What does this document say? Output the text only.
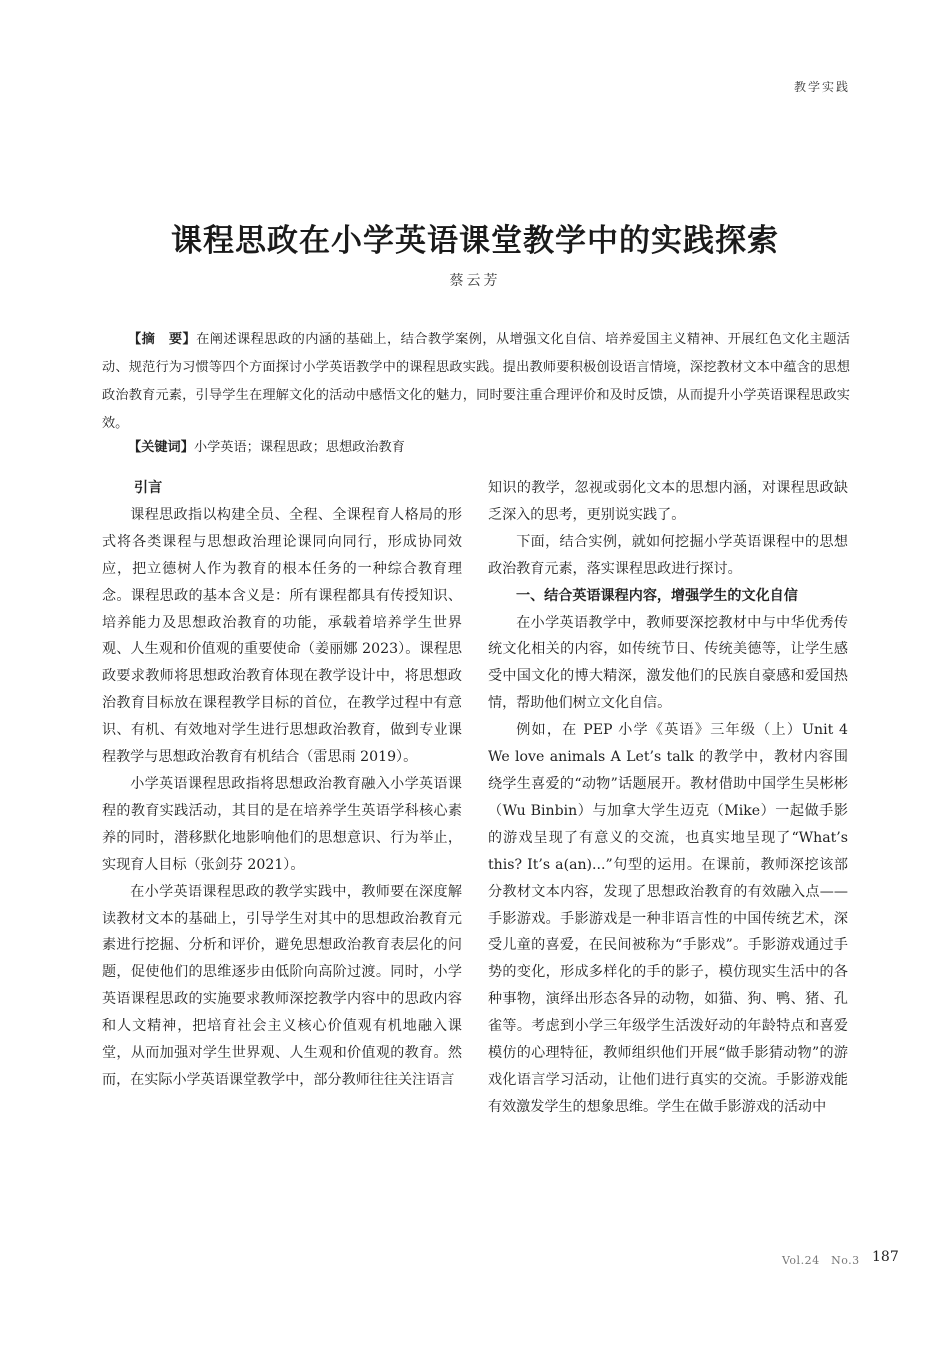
教学实践
课程思政在小学英语课堂教学中的实践探索
蔡云芳

【摘　要】在阐述课程思政的内涵的基础上，结合教学案例，从增强文化自信、培养爱国主义精神、开展红色文化主题活动、规范行为习惯等四个方面探讨小学英语教学中的课程思政实践。提出教师要积极创设语言情境，深挖教材文本中蕴含的思想政治教育元素，引导学生在理解文化的活动中感悟文化的魅力，同时要注重合理评价和及时反馈，从而提升小学英语课程思政实效。

【关键词】小学英语；课程思政；思想政治教育
引言

课程思政指以构建全员、全程、全课程育人格局的形式将各类课程与思想政治理论课同向同行，形成协同效应，把立德树人作为教育的根本任务的一种综合教育理念。课程思政的基本含义是：所有课程都具有传授知识、培养能力及思想政治教育的功能，承载着培养学生世界观、人生观和价值观的重要使命（姜丽娜 2023）。课程思政要求教师将思想政治教育体现在教学设计中，将思想政治教育目标放在课程教学目标的首位，在教学过程中有意识、有机、有效地对学生进行思想政治教育，做到专业课程教学与思想政治教育有机结合（雷思雨 2019）。

小学英语课程思政指将思想政治教育融入小学英语课程的教育实践活动，其目的是在培养学生英语学科核心素养的同时，潜移默化地影响他们的思想意识、行为举止，实现育人目标（张剑芬 2021）。

在小学英语课程思政的教学实践中，教师要在深度解读教材文本的基础上，引导学生对其中的思想政治教育元素进行挖掘、分析和评价，避免思想政治教育表层化的问题，促使他们的思维逐步由低阶向高阶过渡。同时，小学英语课程思政的实施要求教师深挖教学内容中的思政内容和人文精神，把培育社会主义核心价值观有机地融入课堂，从而加强对学生世界观、人生观和价值观的教育。然而，在实际小学英语课堂教学中，部分教师往往关注语言

知识的教学，忽视或弱化文本的思想内涵，对课程思政缺乏深入的思考，更别说实践了。

下面，结合实例，就如何挖掘小学英语课程中的思想政治教育元素，落实课程思政进行探讨。

一、结合英语课程内容，增强学生的文化自信

在小学英语教学中，教师要深挖教材中与中华优秀传统文化相关的内容，如传统节日、传统美德等，让学生感受中国文化的博大精深，激发他们的民族自豪感和爱国热情，帮助他们树立文化自信。

例如，在 PEP 小学《英语》三年级（上）Unit 4 We love animals A Let’s talk 的教学中，教材内容围绕学生喜爱的“动物”话题展开。教材借助中国学生吴彬彬（Wu Binbin）与加拿大学生迈克（Mike）一起做手影的游戏呈现了有意义的交流，也真实地呈现了“What’s this? It’s a(an)...”句型的运用。在课前，教师深挖该部分教材文本内容，发现了思想政治教育的有效融入点——手影游戏。手影游戏是一种非语言性的中国传统艺术，深受儿童的喜爱，在民间被称为“手影戏”。手影游戏通过手势的变化，形成多样化的手的影子，模仿现实生活中的各种事物，演绎出形态各异的动物，如猫、狗、鸭、猪、孔雀等。考虑到小学三年级学生活泼好动的年龄特点和喜爱模仿的心理特征，教师组织他们开展“做手影猜动物”的游戏化语言学习活动，让他们进行真实的交流。手影游戏能有效激发学生的想象思维。学生在做手影游戏的活动中

Vol.24　No.3 187
